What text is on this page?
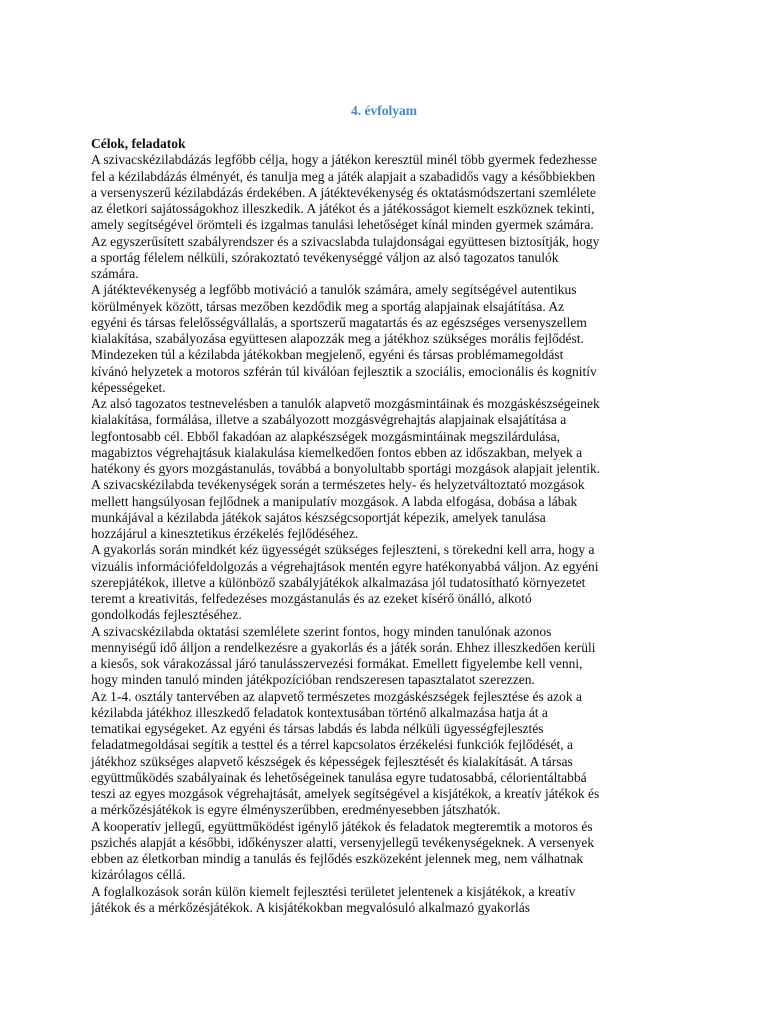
4. évfolyam
Célok, feladatok
A szivacskézilabdázás legfőbb célja, hogy a játékon keresztül minél több gyermek fedezhesse
fel a kézilabdázás élményét, és tanulja meg a játék alapjait a szabadidős vagy a későbbiekben
a versenyszerű kézilabdázás érdekében. A játéktevékenység és oktatásmódszertani szemlélete
az életkori sajátosságokhoz illeszkedik. A játékot és a játékosságot kiemelt eszköznek tekinti,
amely segítségével örömteli és izgalmas tanulási lehetőséget kínál minden gyermek számára.
Az egyszerűsített szabályrendszer és a szivacslabda tulajdonságai együttesen biztosítják, hogy
a sportág félelem nélküli, szórakoztató tevékenységgé váljon az alsó tagozatos tanulók
számára.
A játéktevékenység a legfőbb motiváció a tanulók számára, amely segítségével autentikus
körülmények között, társas mezőben kezdődik meg a sportág alapjainak elsajátítása. Az
egyéni és társas felelősségvállalás, a sportszerű magatartás és az egészséges versenyszellem
kialakítása, szabályozása együttesen alapozzák meg a játékhoz szükséges morális fejlődést.
Mindezeken túl a kézilabda játékokban megjelenő, egyéni és társas problémamegoldást
kívánó helyzetek a motoros szférán túl kiválóan fejlesztik a szociális, emocionális és kognitív
képességeket.
Az alsó tagozatos testnevelésben a tanulók alapvető mozgásmintáinak és mozgáskészségeinek
kialakítása, formálása, illetve a szabályozott mozgásvégrehajtás alapjainak elsajátítása a
legfontosabb cél. Ebből fakadóan az alapkészségek mozgásmintáinak megszilárdulása,
magabiztos végrehajtásuk kialakulása kiemelkedően fontos ebben az időszakban, melyek a
hatékony és gyors mozgástanulás, továbbá a bonyolultabb sportági mozgások alapjait jelentik.
A szivacskézilabda tevékenységek során a természetes hely- és helyzetváltoztató mozgások
mellett hangsúlyosan fejlődnek a manipulatív mozgások. A labda elfogása, dobása a lábak
munkájával a kézilabda játékok sajátos készségcsoportját képezik, amelyek tanulása
hozzájárul a kinesztetikus érzékelés fejlődéséhez.
A gyakorlás során mindkét kéz ügyességét szükséges fejleszteni, s törekedni kell arra, hogy a
vizuális információfeldolgozás a végrehajtások mentén egyre hatékonyabbá váljon. Az egyéni
szerepjátékok, illetve a különböző szabályjátékok alkalmazása jól tudatosítható környezetet
teremt a kreativitás, felfedezéses mozgástanulás és az ezeket kísérő önálló, alkotó
gondolkodás fejlesztéséhez.
A szivacskézilabda oktatási szemlélete szerint fontos, hogy minden tanulónak azonos
mennyiségű idő álljon a rendelkezésre a gyakorlás és a játék során. Ehhez illeszkedően kerüli
a kiesős, sok várakozással járó tanulásszervezési formákat. Emellett figyelembe kell venni,
hogy minden tanuló minden játékpozícióban rendszeresen tapasztalatot szerezzen.
Az 1-4. osztály tantervében az alapvető természetes mozgáskészségek fejlesztése és azok a
kézilabda játékhoz illeszkedő feladatok kontextusában történő alkalmazása hatja át a
tematikai egységeket. Az egyéni és társas labdás és labda nélküli ügyességfejlesztés
feladatmegoldásai segítik a testtel és a térrel kapcsolatos érzékelési funkciók fejlődését, a
játékhoz szükséges alapvető készségek és képességek fejlesztését és kialakítását. A társas
együttműködés szabályainak és lehetőségeinek tanulása egyre tudatosabbá, célorientáltabbá
teszi az egyes mozgások végrehajtását, amelyek segítségével a kisjátékok, a kreatív játékok és
a mérkőzésjátékok is egyre élményszerűbben, eredményesebben játszhatók.
A kooperatív jellegű, együttműködést igénylő játékok és feladatok megteremtik a motoros és
pszichés alapját a későbbi, időkényszer alatti, versenyjellegű tevékenységeknek. A versenyek
ebben az életkorban mindig a tanulás és fejlődés eszközeként jelennek meg, nem válhatnak
kizárólagos céllá.
A foglalkozások során külön kiemelt fejlesztési területet jelentenek a kisjátékok, a kreatív
játékok és a mérkőzésjátékok. A kisjátékokban megvalósuló alkalmazó gyakorlás
